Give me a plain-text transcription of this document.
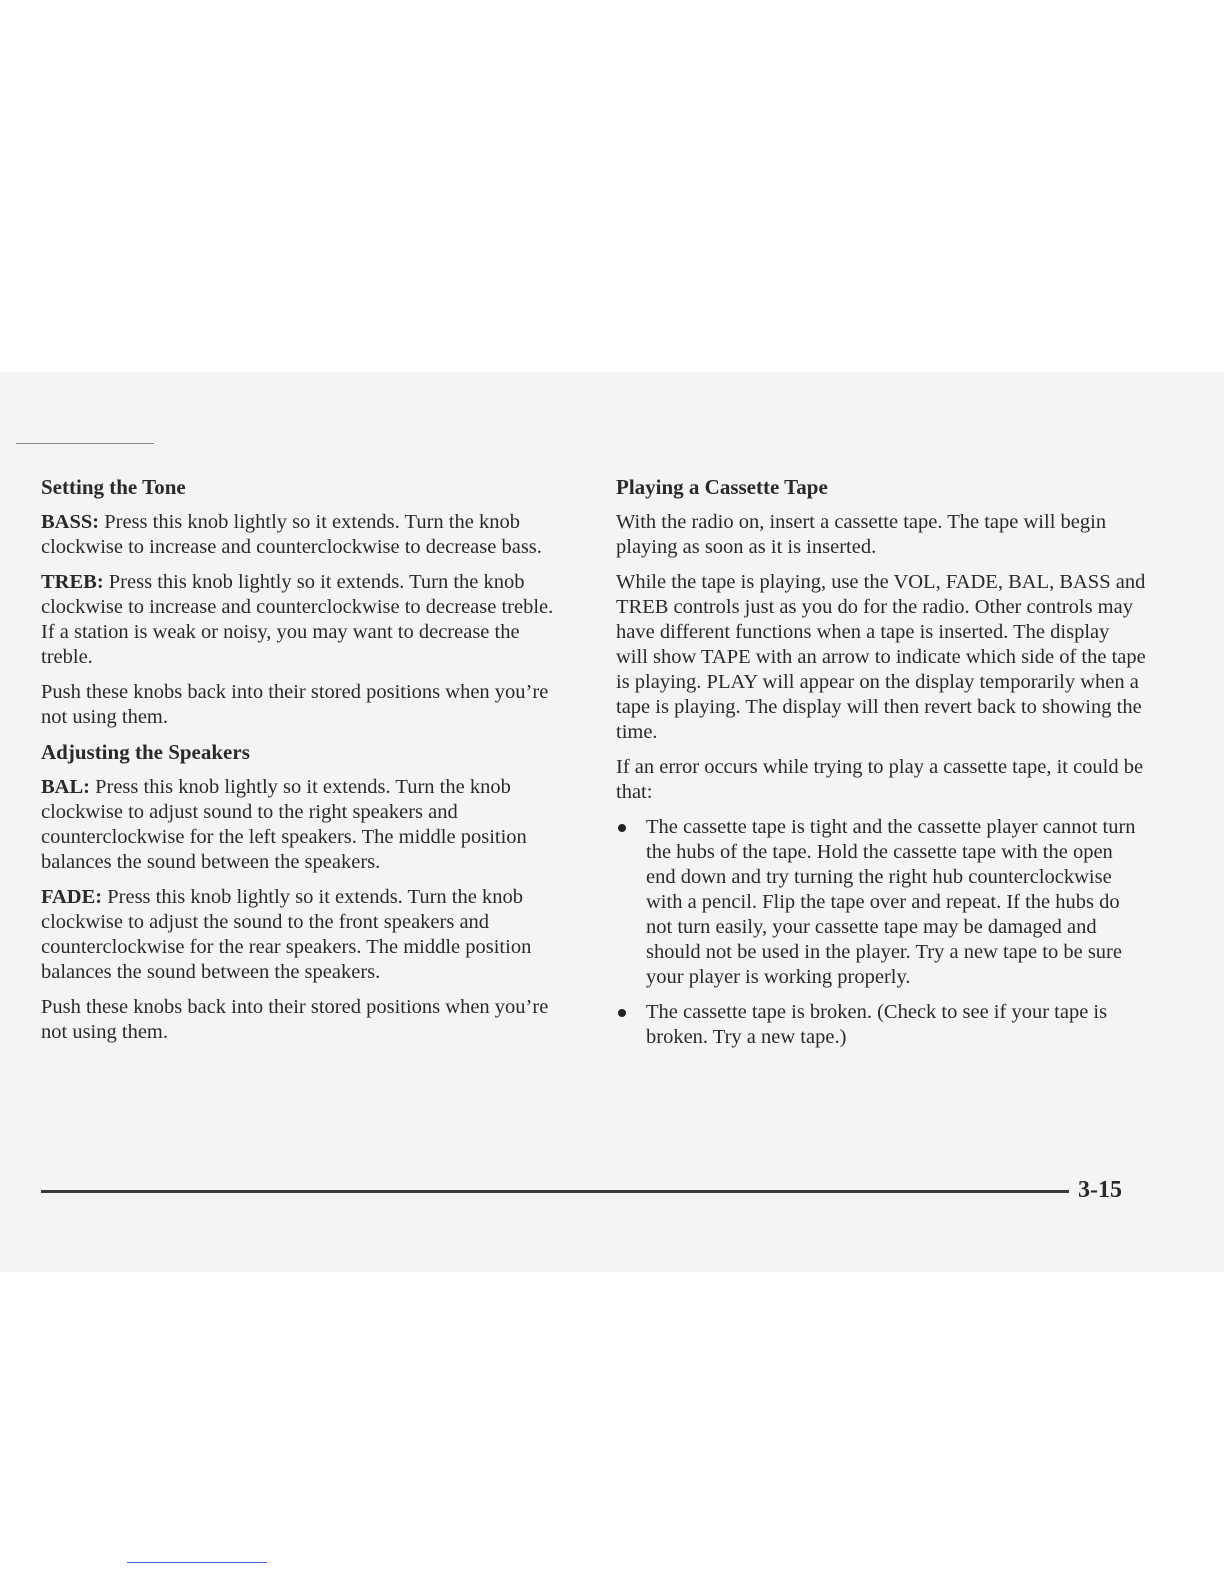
Setting the Tone

BASS: Press this knob lightly so it extends. Turn the knob clockwise to increase and counterclockwise to decrease bass.

TREB: Press this knob lightly so it extends. Turn the knob clockwise to increase and counterclockwise to decrease treble. If a station is weak or noisy, you may want to decrease the treble.

Push these knobs back into their stored positions when you’re not using them.

Adjusting the Speakers

BAL: Press this knob lightly so it extends. Turn the knob clockwise to adjust sound to the right speakers and counterclockwise for the left speakers. The middle position balances the sound between the speakers.

FADE: Press this knob lightly so it extends. Turn the knob clockwise to adjust the sound to the front speakers and counterclockwise for the rear speakers. The middle position balances the sound between the speakers.

Push these knobs back into their stored positions when you’re not using them.

Playing a Cassette Tape

With the radio on, insert a cassette tape. The tape will begin playing as soon as it is inserted.

While the tape is playing, use the VOL, FADE, BAL, BASS and TREB controls just as you do for the radio. Other controls may have different functions when a tape is inserted. The display will show TAPE with an arrow to indicate which side of the tape is playing. PLAY will appear on the display temporarily when a tape is playing. The display will then revert back to showing the time.

If an error occurs while trying to play a cassette tape, it could be that:

The cassette tape is tight and the cassette player cannot turn the hubs of the tape. Hold the cassette tape with the open end down and try turning the right hub counterclockwise with a pencil. Flip the tape over and repeat. If the hubs do not turn easily, your cassette tape may be damaged and should not be used in the player. Try a new tape to be sure your player is working properly.
The cassette tape is broken. (Check to see if your tape is broken. Try a new tape.)
3-15
